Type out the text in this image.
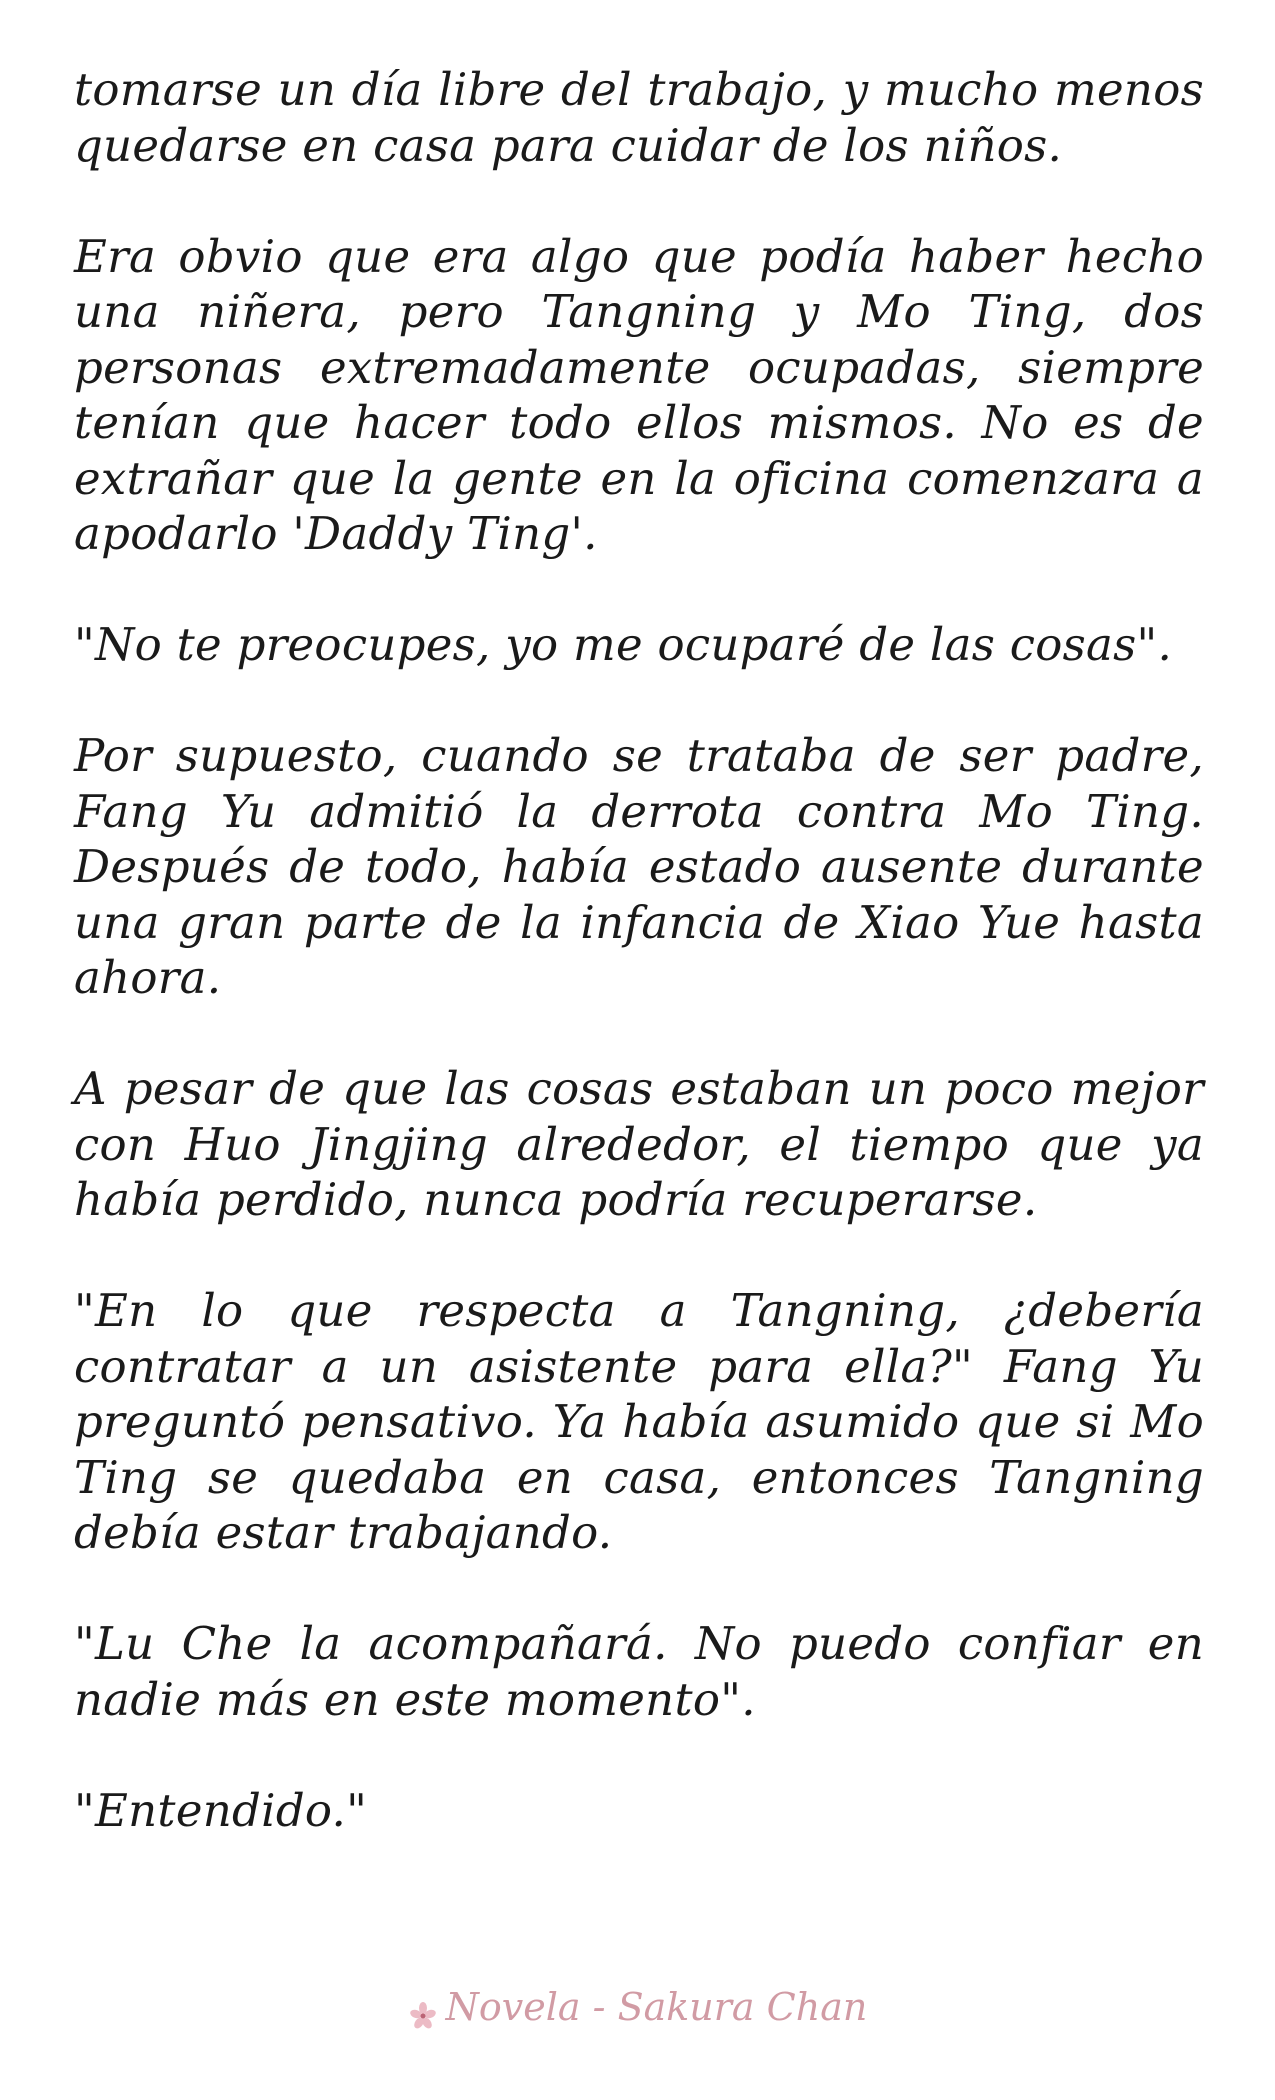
tomarse un día libre del trabajo, y mucho menos quedarse en casa para cuidar de los niños.

Era obvio que era algo que podía haber hecho una niñera, pero Tangning y Mo Ting, dos personas extremadamente ocupadas, siempre tenían que hacer todo ellos mismos. No es de extrañar que la gente en la oficina comenzara a apodarlo 'Daddy Ting'.

"No te preocupes, yo me ocuparé de las cosas".

Por supuesto, cuando se trataba de ser padre, Fang Yu admitió la derrota contra Mo Ting. Después de todo, había estado ausente durante una gran parte de la infancia de Xiao Yue hasta ahora.

A pesar de que las cosas estaban un poco mejor con Huo Jingjing alrededor, el tiempo que ya había perdido, nunca podría recuperarse.

"En lo que respecta a Tangning, ¿debería contratar a un asistente para ella?" Fang Yu preguntó pensativo. Ya había asumido que si Mo Ting se quedaba en casa, entonces Tangning debía estar trabajando.

"Lu Che la acompañará. No puedo confiar en nadie más en este momento".

"Entendido."

Novela - Sakura Chan
